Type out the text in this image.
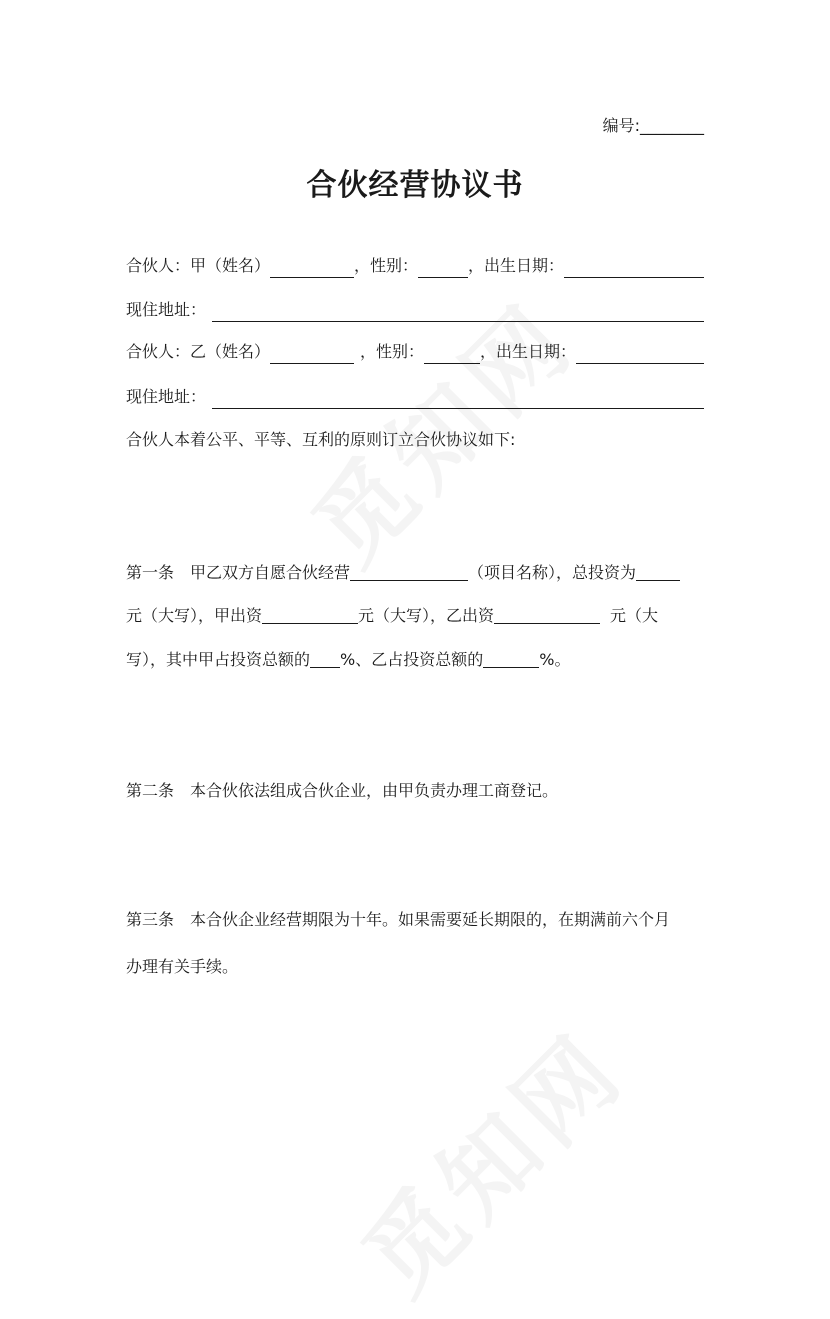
编号:________
合伙经营协议书
合伙人：甲（姓名）	，性别：	，出生日期：
现住地址：
合伙人：乙（姓名）	，性别：	，出生日期：
现住地址：
合伙人本着公平、平等、互利的原则订立合伙协议如下:
第一条　甲乙双方自愿合伙经营	（项目名称），总投资为
元（大写），甲出资	元（大写），乙出资	元（大
写），其中甲占投资总额的 %、乙占投资总额的	%。
第二条　本合伙依法组成合伙企业，由甲负责办理工商登记。
第三条　本合伙企业经营期限为十年。如果需要延长期限的，在期满前六个月
办理有关手续。
